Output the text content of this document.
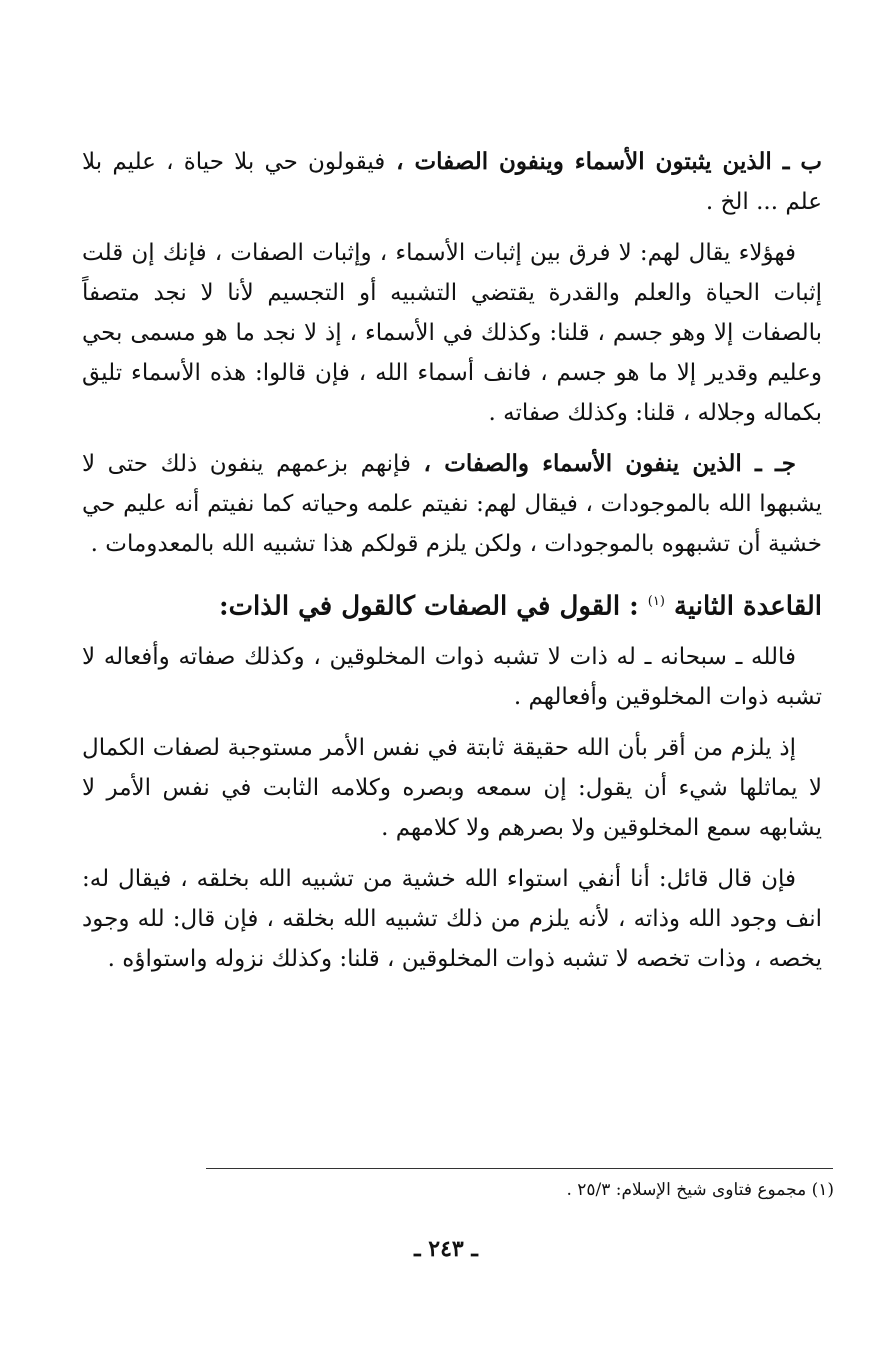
ب ـ الذين يثبتون الأسماء وينفون الصفات ، فيقولون حي بلا حياة ، عليم بلا علم ... الخ .

فهؤلاء يقال لهم: لا فرق بين إثبات الأسماء ، وإثبات الصفات ، فإنك إن قلت إثبات الحياة والعلم والقدرة يقتضي التشبيه أو التجسيم لأنا لا نجد متصفاً بالصفات إلا وهو جسم ، قلنا: وكذلك في الأسماء ، إذ لا نجد ما هو مسمى بحي وعليم وقدير إلا ما هو جسم ، فانف أسماء الله ، فإن قالوا: هذه الأسماء تليق بكماله وجلاله ، قلنا: وكذلك صفاته .

جـ ـ الذين ينفون الأسماء والصفات ، فإنهم بزعمهم ينفون ذلك حتى لا يشبهوا الله بالموجودات ، فيقال لهم: نفيتم علمه وحياته كما نفيتم أنه عليم حي خشية أن تشبهوه بالموجودات ، ولكن يلزم قولكم هذا تشبيه الله بالمعدومات .

القاعدة الثانية $^{(١)}$ : القول في الصفات كالقول في الذات:

فالله ـ سبحانه ـ له ذات لا تشبه ذوات المخلوقين ، وكذلك صفاته وأفعاله لا تشبه ذوات المخلوقين وأفعالهم .

إذ يلزم من أقر بأن الله حقيقة ثابتة في نفس الأمر مستوجبة لصفات الكمال لا يماثلها شيء أن يقول: إن سمعه وبصره وكلامه الثابت في نفس الأمر لا يشابهه سمع المخلوقين ولا بصرهم ولا كلامهم .

فإن قال قائل: أنا أنفي استواء الله خشية من تشبيه الله بخلقه ، فيقال له: انف وجود الله وذاته ، لأنه يلزم من ذلك تشبيه الله بخلقه ، فإن قال: لله وجود يخصه ، وذات تخصه لا تشبه ذوات المخلوقين ، قلنا: وكذلك نزوله واستواؤه .

(١) مجموع فتاوى شيخ الإسلام: ٢٥/٣ .
ـ ٢٤٣ ـ
